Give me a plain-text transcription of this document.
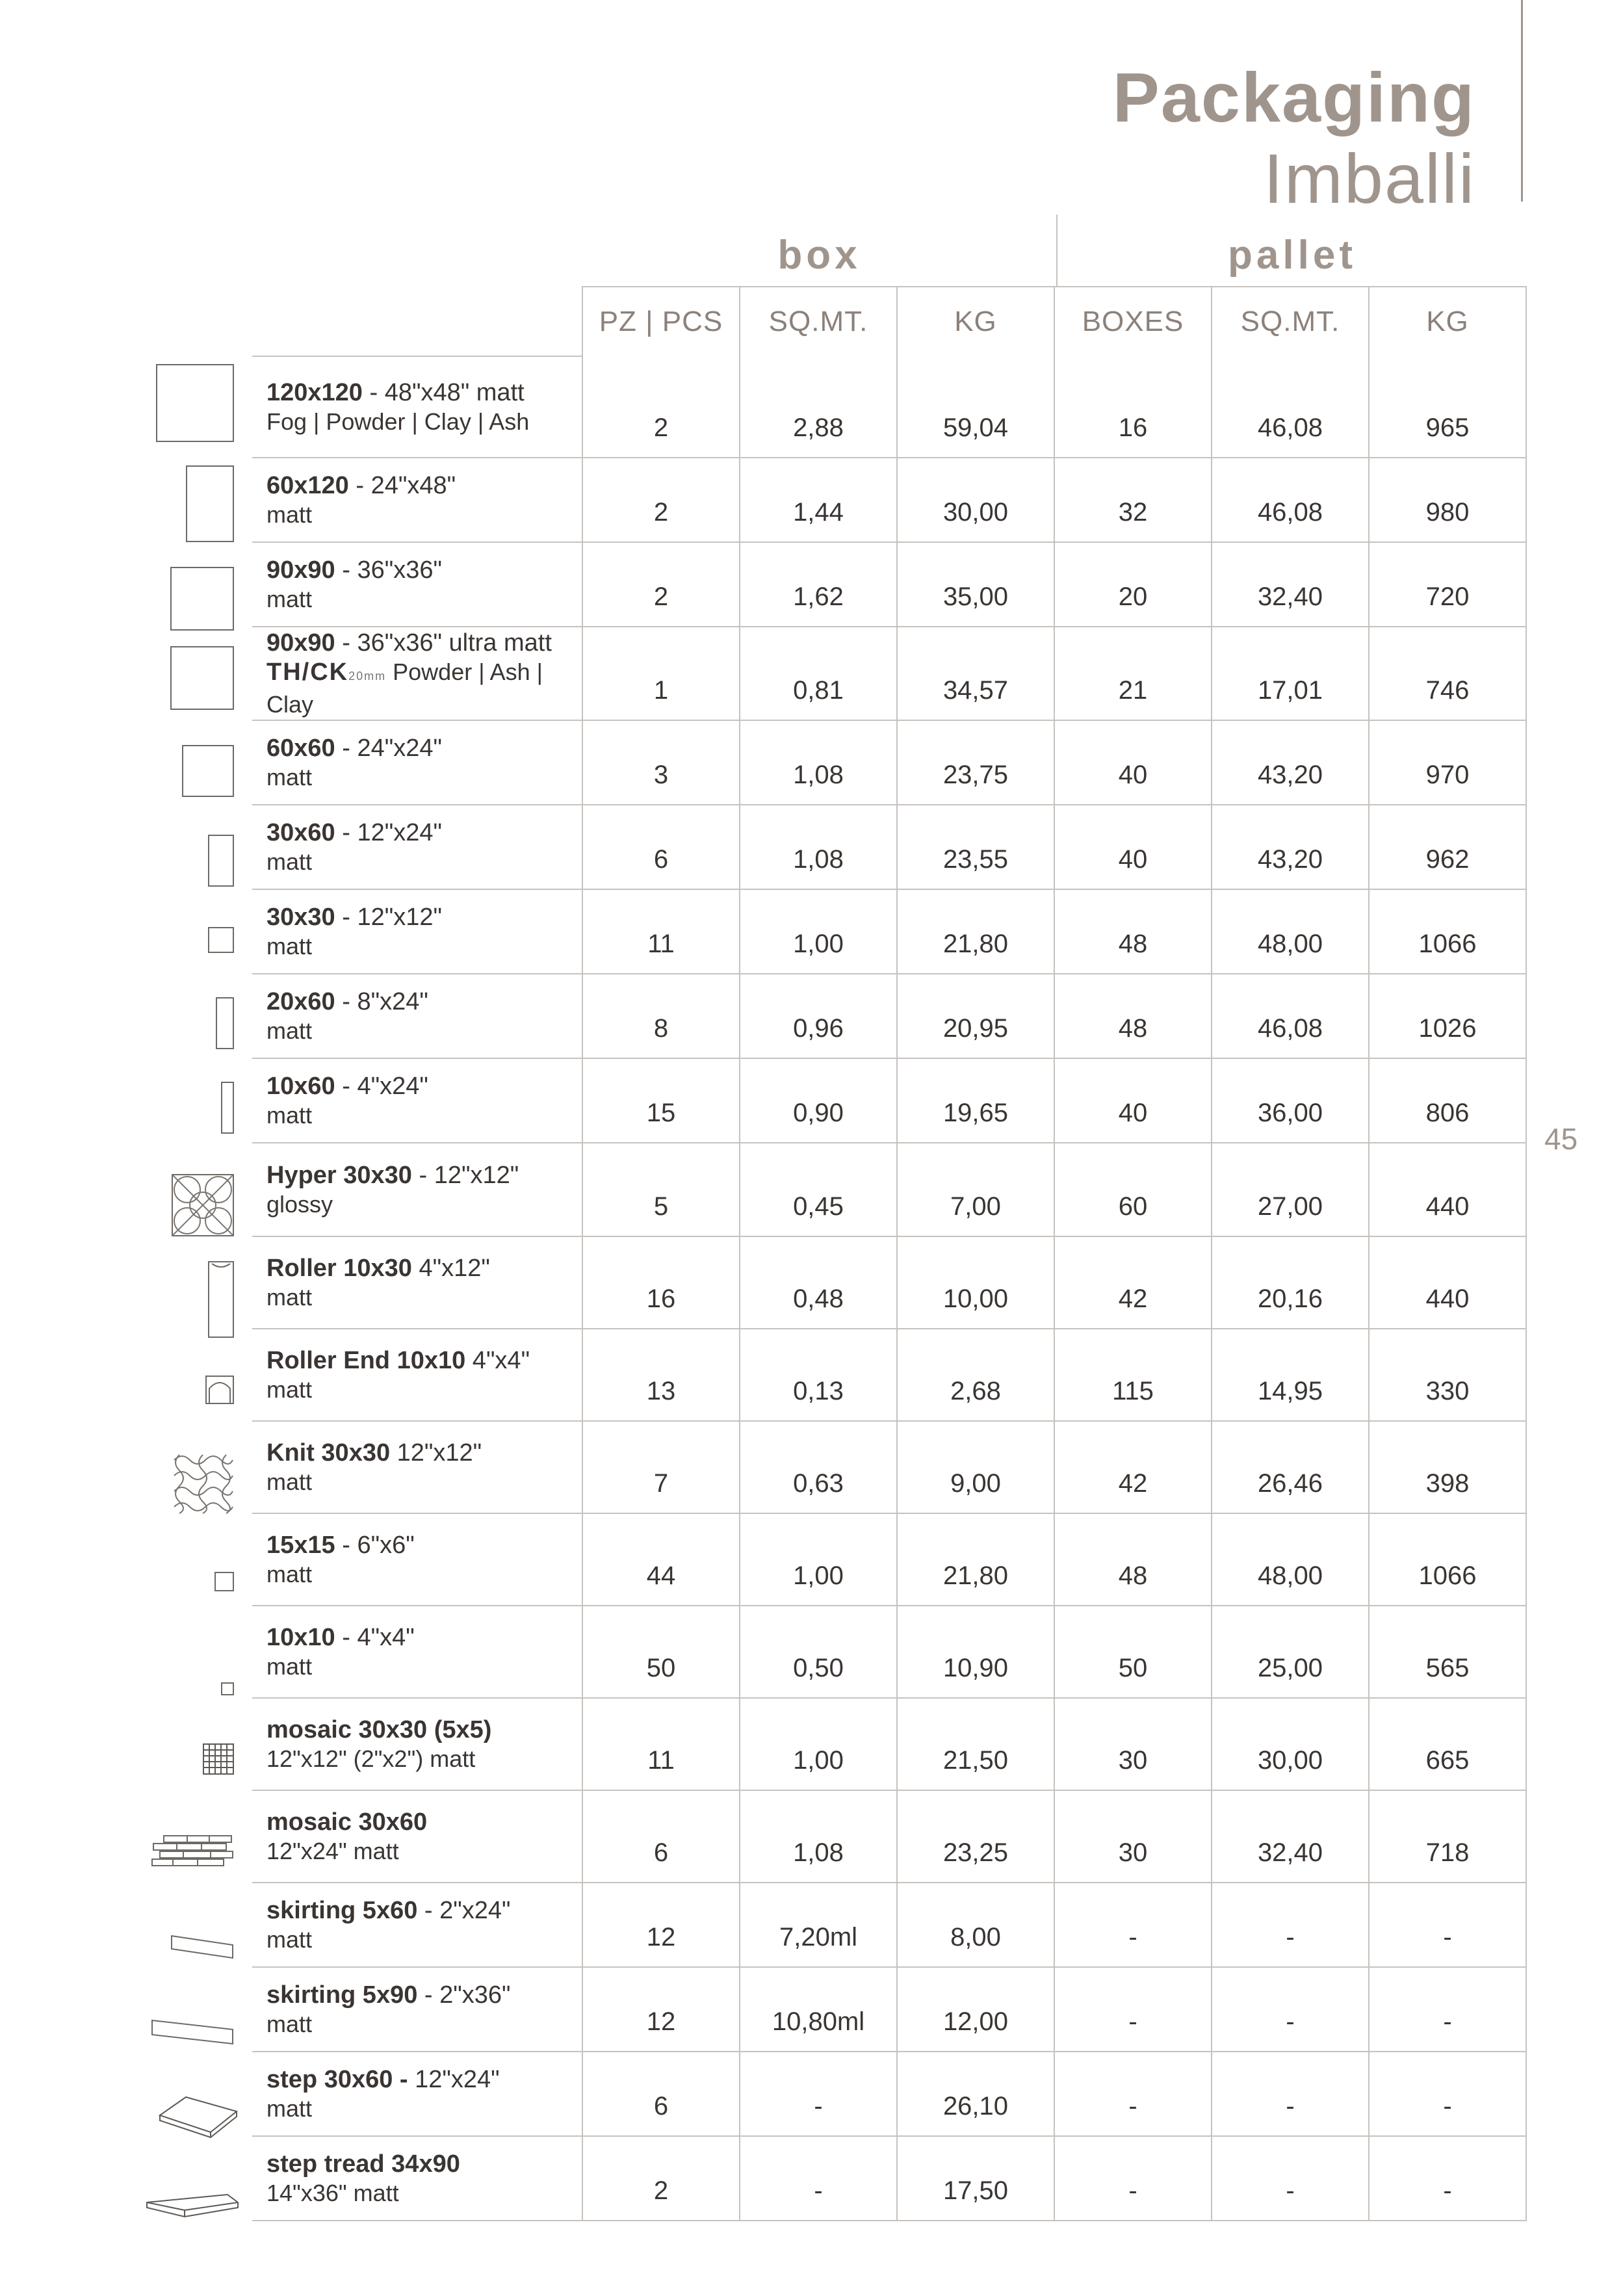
Packaging
Imballi
45
box	pallet
	PZ | PCS	SQ.MT.	KG	BOXES	SQ.MT.	KG

120x120 - 48"x48" matt
Fog | Powder | Clay | Ash	2	2,88	59,04	16	46,08	965

60x120 - 24"x48"
matt	2	1,44	30,00	32	46,08	980

90x90 - 36"x36"
matt	2	1,62	35,00	20	32,40	720

90x90 - 36"x36" ultra matt
TH/CK20mm Powder | Ash | Clay	1	0,81	34,57	21	17,01	746

60x60 - 24"x24"
matt	3	1,08	23,75	40	43,20	970

30x60 - 12"x24"
matt	6	1,08	23,55	40	43,20	962

30x30 - 12"x12"
matt	11	1,00	21,80	48	48,00	1066

20x60 - 8"x24"
matt	8	0,96	20,95	48	46,08	1026

10x60 - 4"x24"
matt	15	0,90	19,65	40	36,00	806

Hyper 30x30 - 12"x12"
glossy	5	0,45	7,00	60	27,00	440

Roller 10x30 4"x12"
matt	16	0,48	10,00	42	20,16	440

Roller End 10x10 4"x4"
matt	13	0,13	2,68	115	14,95	330

Knit 30x30 12"x12"
matt	7	0,63	9,00	42	26,46	398

15x15 - 6"x6"
matt	44	1,00	21,80	48	48,00	1066

10x10 - 4"x4"
matt	50	0,50	10,90	50	25,00	565

mosaic 30x30 (5x5)
12"x12" (2"x2") matt	11	1,00	21,50	30	30,00	665

mosaic 30x60
12"x24" matt	6	1,08	23,25	30	32,40	718

skirting 5x60 - 2"x24"
matt	12	7,20ml	8,00	-	-	-

skirting 5x90 - 2"x36"
matt	12	10,80ml	12,00	-	-	-

step 30x60 - 12"x24"
matt	6	-	26,10	-	-	-

step tread 34x90
14"x36" matt	2	-	17,50	-	-	-
